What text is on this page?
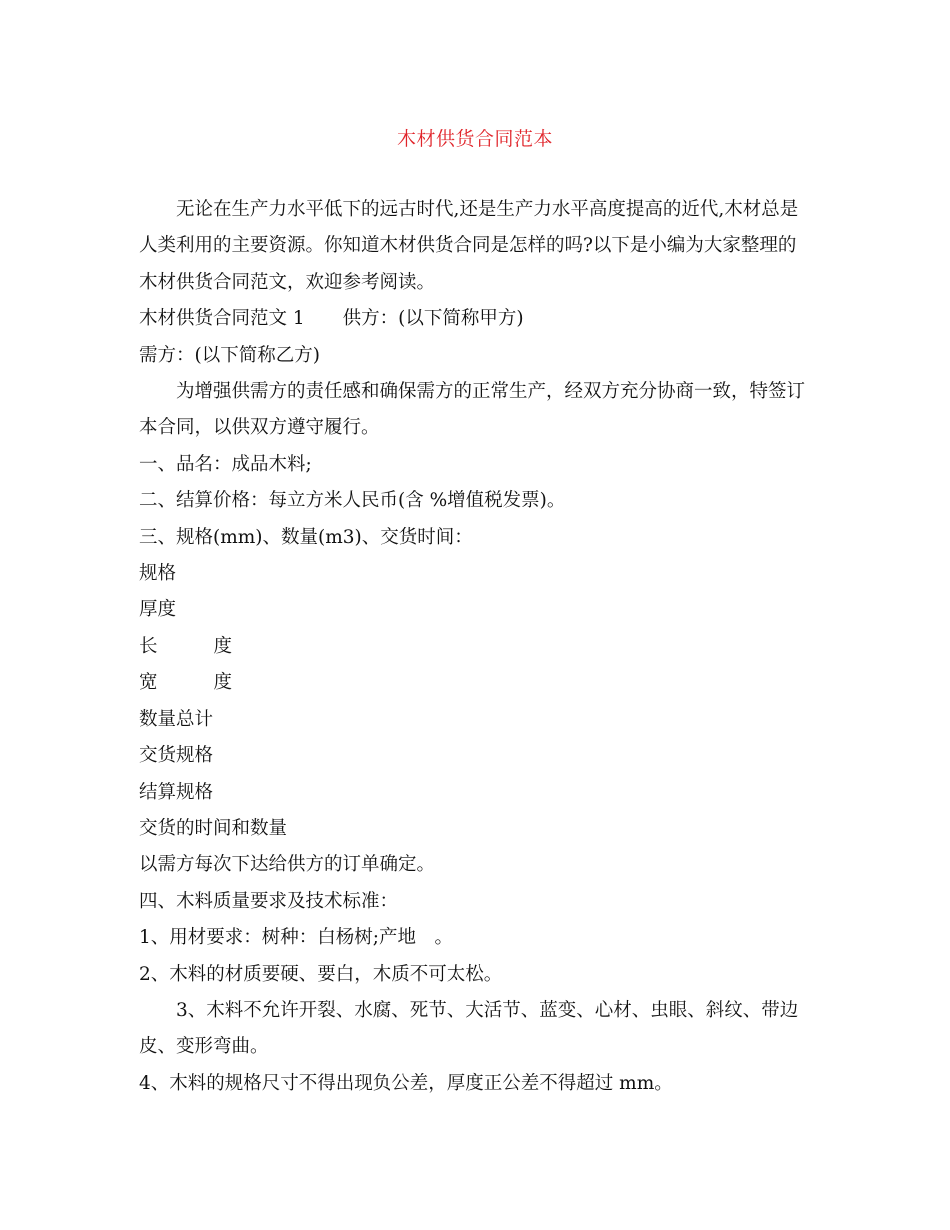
木材供货合同范本

无论在生产力水平低下的远古时代,还是生产力水平高度提高的近代,木材总是人类利用的主要资源。你知道木材供货合同是怎样的吗?以下是小编为大家整理的木材供货合同范文，欢迎参考阅读。

木材供货合同范文 1 供方：(以下简称甲方)

需方：(以下简称乙方)

为增强供需方的责任感和确保需方的正常生产，经双方充分协商一致，特签订本合同，以供双方遵守履行。

一、品名：成品木料;

二、结算价格：每立方米人民币(含 %增值税发票)。

三、规格(mm)、数量(m3)、交货时间：

规格

厚度

长	度

宽	度

数量总计

交货规格

结算规格

交货的时间和数量

以需方每次下达给供方的订单确定。

四、木料质量要求及技术标准：

1、用材要求：树种：白杨树;产地　。

2、木料的材质要硬、要白，木质不可太松。

3、木料不允许开裂、水腐、死节、大活节、蓝变、心材、虫眼、斜纹、带边皮、变形弯曲。

4、木料的规格尺寸不得出现负公差，厚度正公差不得超过 mm。
